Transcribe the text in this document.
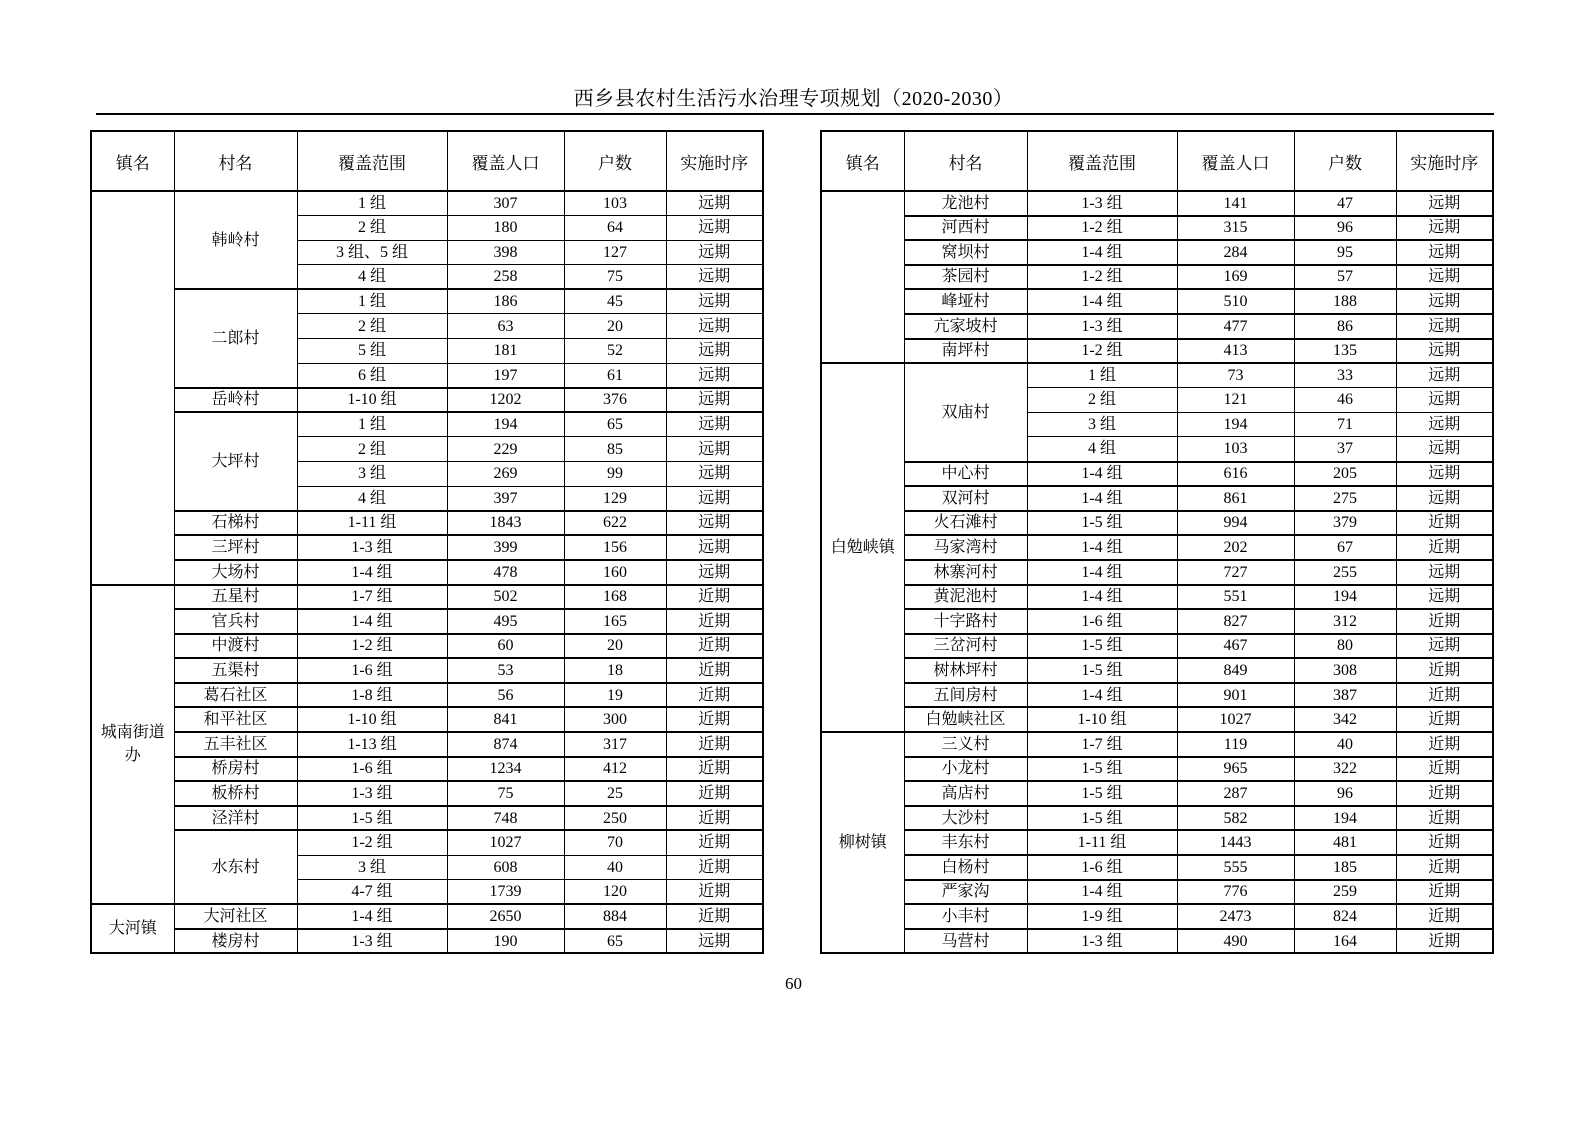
西乡县农村生活污水治理专项规划（2020-2030）
镇名	村名	覆盖范围	覆盖人口	户数	实施时序
	韩岭村	1 组	307	103	远期
		2 组	180	64	远期
		3 组、5 组	398	127	远期
		4 组	258	75	远期
	二郎村	1 组	186	45	远期
		2 组	63	20	远期
		5 组	181	52	远期
		6 组	197	61	远期
	岳岭村	1-10 组	1202	376	远期
	大坪村	1 组	194	65	远期
		2 组	229	85	远期
		3 组	269	99	远期
		4 组	397	129	远期
	石梯村	1-11 组	1843	622	远期
	三坪村	1-3 组	399	156	远期
	大场村	1-4 组	478	160	远期
城南街道办	五星村	1-7 组	502	168	近期
	官兵村	1-4 组	495	165	近期
	中渡村	1-2 组	60	20	近期
	五渠村	1-6 组	53	18	近期
	葛石社区	1-8 组	56	19	近期
	和平社区	1-10 组	841	300	近期
	五丰社区	1-13 组	874	317	近期
	桥房村	1-6 组	1234	412	近期
	板桥村	1-3 组	75	25	近期
	泾洋村	1-5 组	748	250	近期
	水东村	1-2 组	1027	70	近期
		3 组	608	40	近期
		4-7 组	1739	120	近期
大河镇	大河社区	1-4 组	2650	884	近期
	楼房村	1-3 组	190	65	远期
镇名	村名	覆盖范围	覆盖人口	户数	实施时序
	龙池村	1-3 组	141	47	远期
	河西村	1-2 组	315	96	远期
	窝坝村	1-4 组	284	95	远期
	茶园村	1-2 组	169	57	远期
	峰垭村	1-4 组	510	188	远期
	亢家坡村	1-3 组	477	86	远期
	南坪村	1-2 组	413	135	远期
白勉峡镇	双庙村	1 组	73	33	远期
		2 组	121	46	远期
		3 组	194	71	远期
		4 组	103	37	远期
	中心村	1-4 组	616	205	远期
	双河村	1-4 组	861	275	远期
	火石滩村	1-5 组	994	379	近期
	马家湾村	1-4 组	202	67	近期
	林寨河村	1-4 组	727	255	远期
	黄泥池村	1-4 组	551	194	远期
	十字路村	1-6 组	827	312	近期
	三岔河村	1-5 组	467	80	远期
	树林坪村	1-5 组	849	308	近期
	五间房村	1-4 组	901	387	近期
	白勉峡社区	1-10 组	1027	342	近期
柳树镇	三义村	1-7 组	119	40	近期
	小龙村	1-5 组	965	322	近期
	高店村	1-5 组	287	96	近期
	大沙村	1-5 组	582	194	近期
	丰东村	1-11 组	1443	481	近期
	白杨村	1-6 组	555	185	近期
	严家沟	1-4 组	776	259	近期
	小丰村	1-9 组	2473	824	近期
	马营村	1-3 组	490	164	近期
60
